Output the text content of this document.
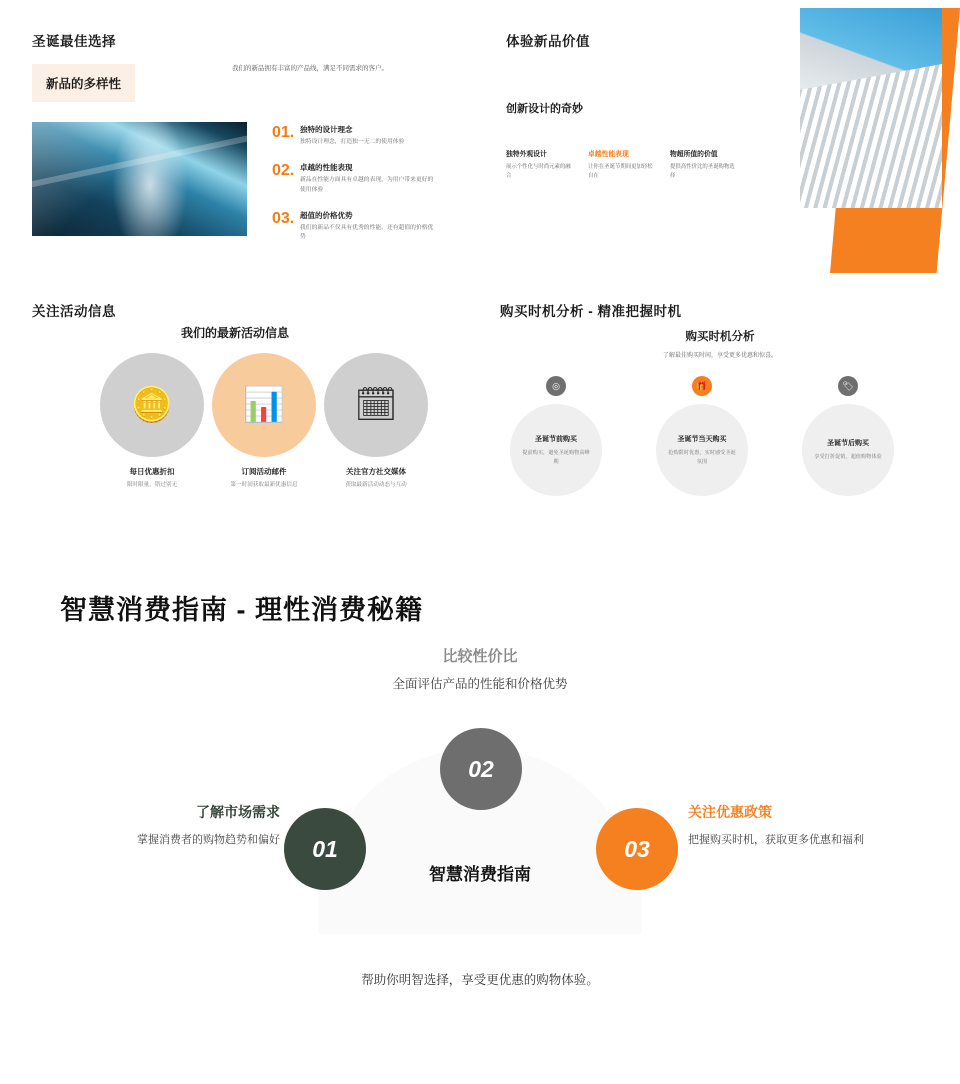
圣诞最佳选择
新品的多样性
我们的新品拥有丰富的产品线，满足不同需求的客户。
01. 独特的设计理念
独特设计理念，打造独一无二的使用体验
02. 卓越的性能表现
新品在性能方面具有卓越的表现，为用户带来更好的使用体验
03. 超值的价格优势
我们的新品不仅具有优秀的性能，还有超值的价格优势
体验新品价值
创新设计的奇妙
独特外观设计
展示个性化与时尚元素的融合
卓越性能表现
让你在圣诞节期间更加轻松自在
物超所值的价值
提供高性价比的圣诞购物选择
关注活动信息
我们的最新活动信息
🪙 📊 🗓
每日优惠折扣
限时限量，错过别无
订阅活动邮件
第一时间获取最新优惠信息
关注官方社交媒体
获取最新活动动态与互动
购买时机分析 - 精准把握时机
购买时机分析
了解最佳购买时间，享受更多优惠和惊喜。
◎
圣诞节前购买
提前购买，避免圣诞购物高峰期
🎁
圣诞节当天购买
抢购限时优惠，实时感受圣诞氛围
🏷
圣诞节后购买
享受打折促销，超值购物体验
智慧消费指南 - 理性消费秘籍
比较性价比
全面评估产品的性能和价格优势
智慧消费指南
01
02
03
了解市场需求
掌握消费者的购物趋势和偏好
关注优惠政策
把握购买时机，获取更多优惠和福利
帮助你明智选择，享受更优惠的购物体验。
